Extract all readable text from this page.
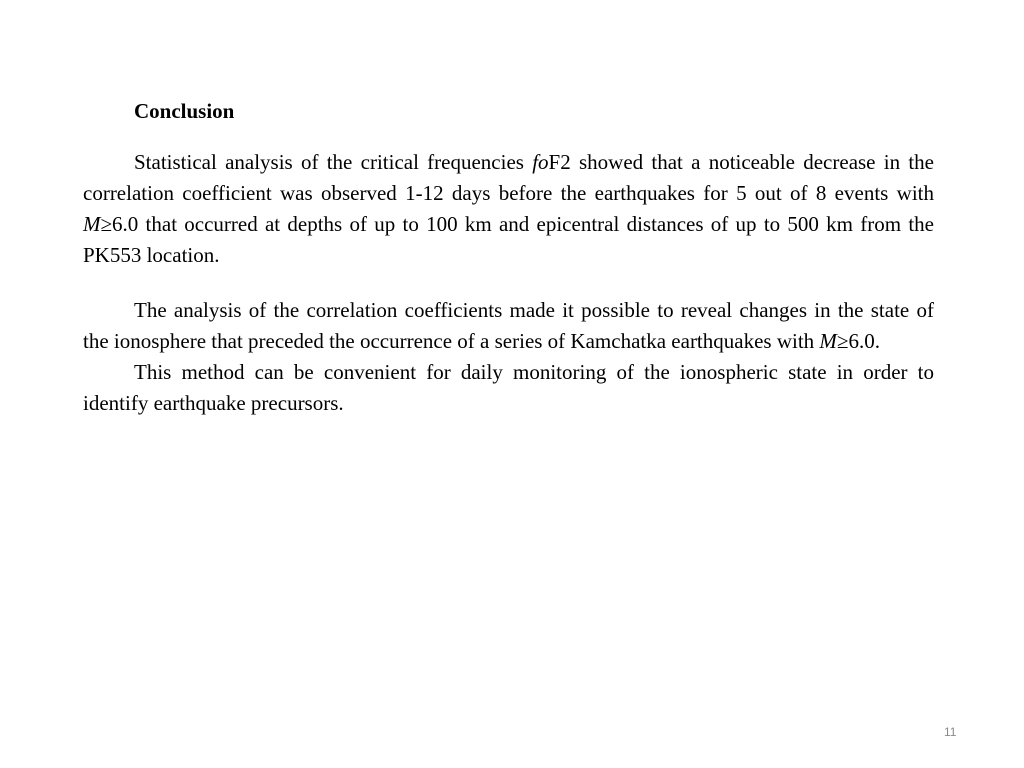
Conclusion

Statistical analysis of the critical frequencies foF2 showed that a noticeable decrease in the correlation coefficient was observed 1-12 days before the earthquakes for 5 out of 8 events with M≥6.0 that occurred at depths of up to 100 km and epicentral distances of up to 500 km from the PK553 location.

The analysis of the correlation coefficients made it possible to reveal changes in the state of the ionosphere that preceded the occurrence of a series of Kamchatka earthquakes with M≥6.0.

This method can be convenient for daily monitoring of the ionospheric state in order to identify earthquake precursors.

11
